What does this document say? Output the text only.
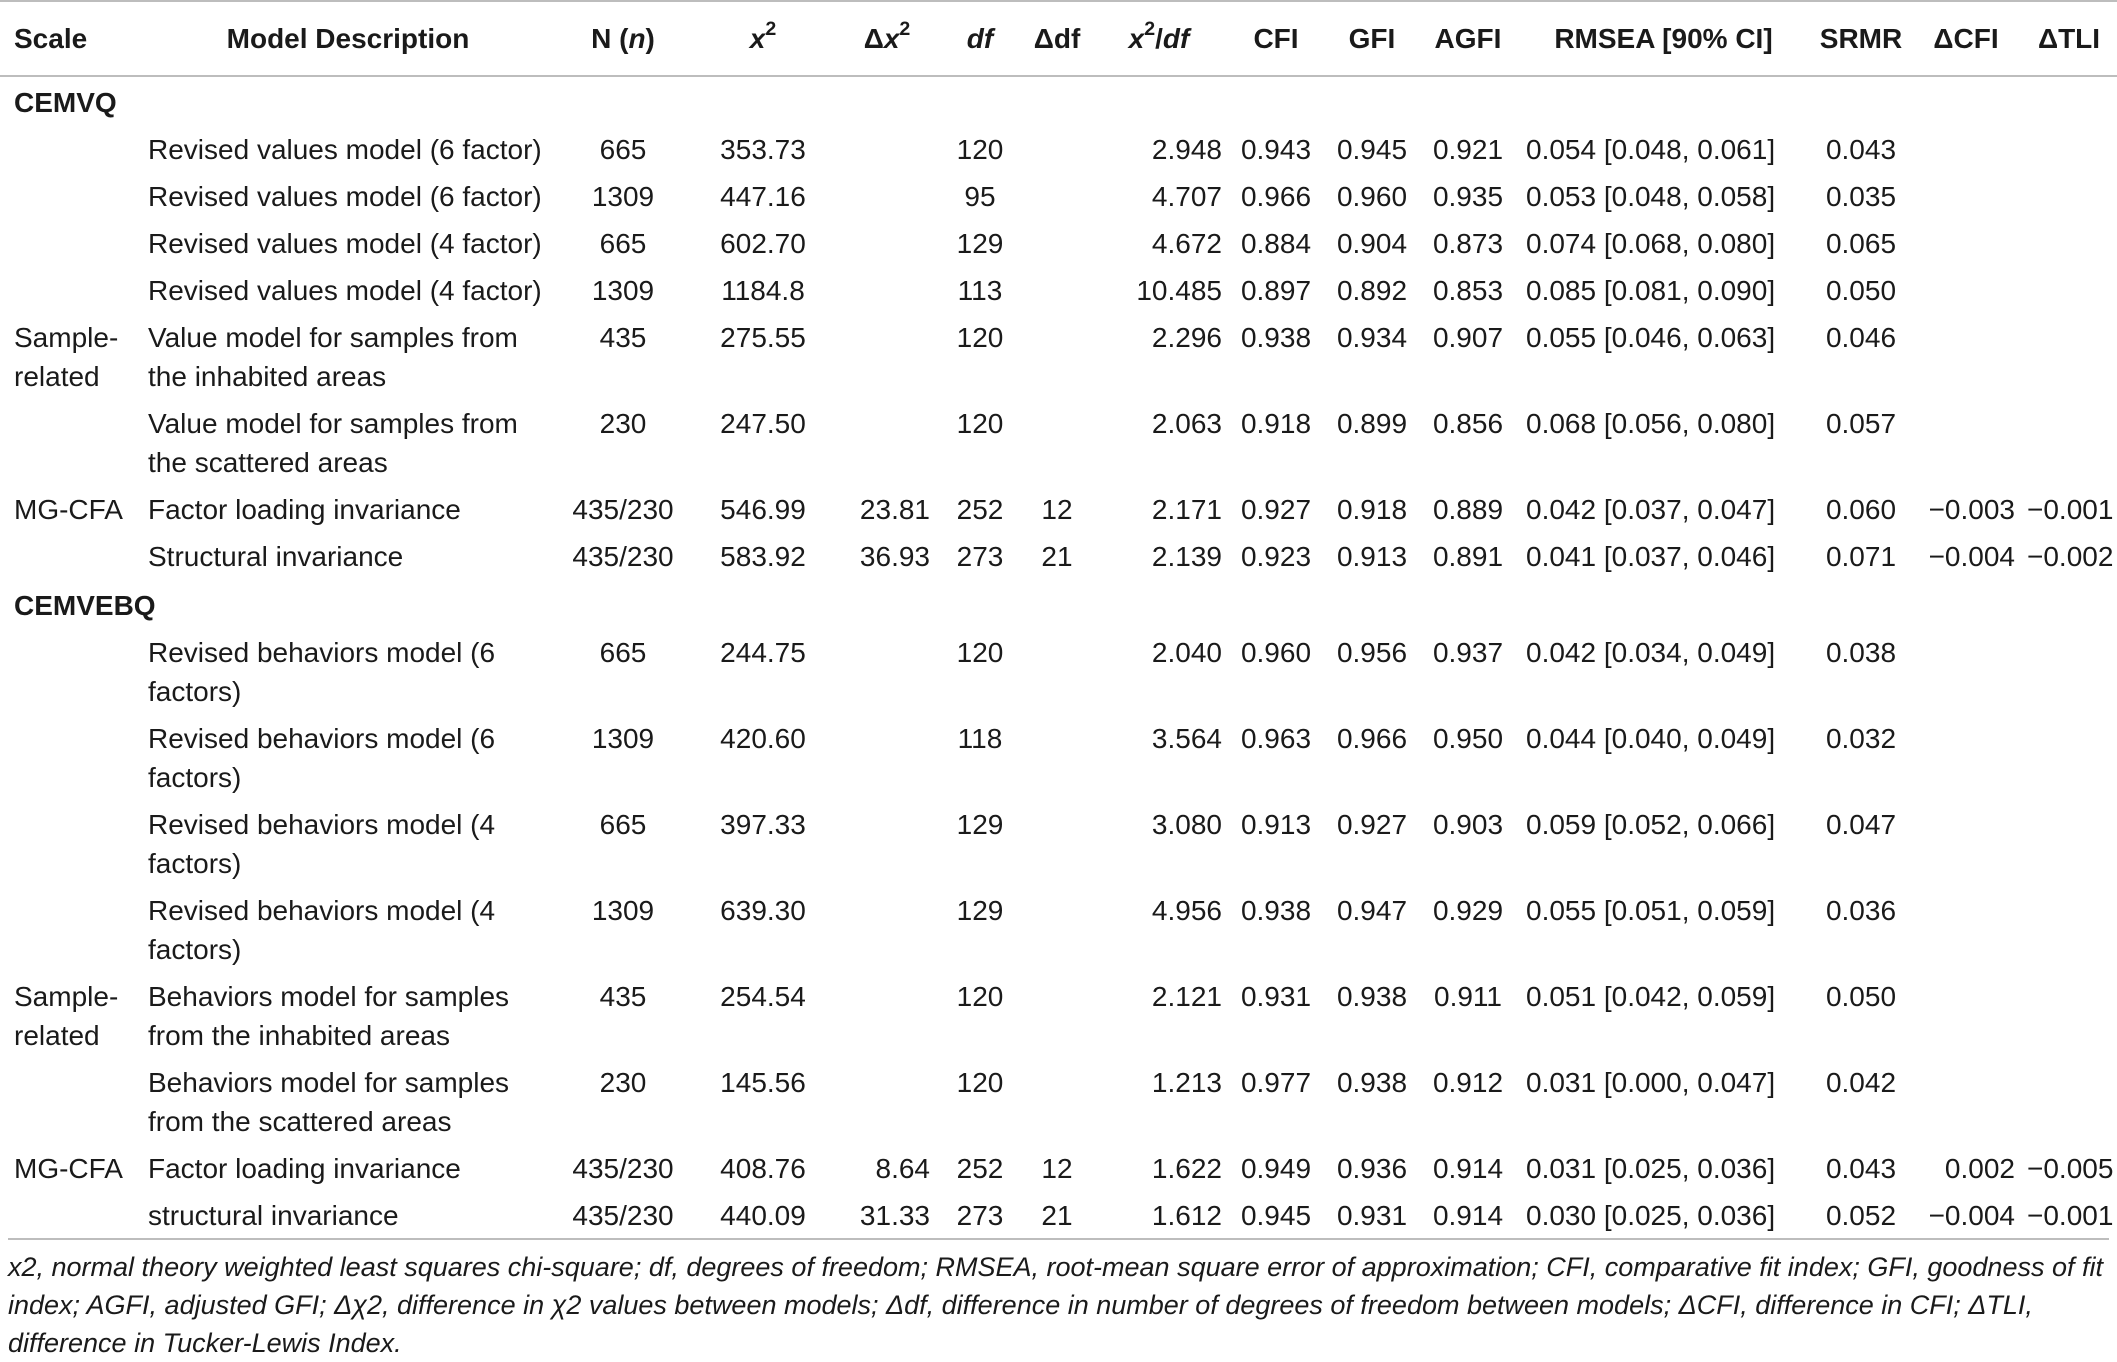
Scale	Model Description	N (n)	$x^2$	$\Delta x^2$	df	Δdf	$x^2/df$	CFI	GFI	AGFI	RMSEA [90% CI]	SRMR	ΔCFI	ΔTLI
CEMVQ														
	Revised values model (6 factor)	665	353.73		120		2.948	0.943	0.945	0.921	0.054 [0.048, 0.061]	0.043		
	Revised values model (6 factor)	1309	447.16		95		4.707	0.966	0.960	0.935	0.053 [0.048, 0.058]	0.035		
	Revised values model (4 factor)	665	602.70		129		4.672	0.884	0.904	0.873	0.074 [0.068, 0.080]	0.065		
	Revised values model (4 factor)	1309	1184.8		113		10.485	0.897	0.892	0.853	0.085 [0.081, 0.090]	0.050		
Sample-related	Value model for samples from the inhabited areas	435	275.55		120		2.296	0.938	0.934	0.907	0.055 [0.046, 0.063]	0.046		
	Value model for samples from the scattered areas	230	247.50		120		2.063	0.918	0.899	0.856	0.068 [0.056, 0.080]	0.057		
MG-CFA	Factor loading invariance	435/230	546.99	23.81	252	12	2.171	0.927	0.918	0.889	0.042 [0.037, 0.047]	0.060	−0.003	−0.001
	Structural invariance	435/230	583.92	36.93	273	21	2.139	0.923	0.913	0.891	0.041 [0.037, 0.046]	0.071	−0.004	−0.002
CEMVEBQ														
	Revised behaviors model (6 factors)	665	244.75		120		2.040	0.960	0.956	0.937	0.042 [0.034, 0.049]	0.038		
	Revised behaviors model (6 factors)	1309	420.60		118		3.564	0.963	0.966	0.950	0.044 [0.040, 0.049]	0.032		
	Revised behaviors model (4 factors)	665	397.33		129		3.080	0.913	0.927	0.903	0.059 [0.052, 0.066]	0.047		
	Revised behaviors model (4 factors)	1309	639.30		129		4.956	0.938	0.947	0.929	0.055 [0.051, 0.059]	0.036		
Sample-related	Behaviors model for samples from the inhabited areas	435	254.54		120		2.121	0.931	0.938	0.911	0.051 [0.042, 0.059]	0.050		
	Behaviors model for samples from the scattered areas	230	145.56		120		1.213	0.977	0.938	0.912	0.031 [0.000, 0.047]	0.042		
MG-CFA	Factor loading invariance	435/230	408.76	8.64	252	12	1.622	0.949	0.936	0.914	0.031 [0.025, 0.036]	0.043	0.002	−0.005
	structural invariance	435/230	440.09	31.33	273	21	1.612	0.945	0.931	0.914	0.030 [0.025, 0.036]	0.052	−0.004	−0.001
x2, normal theory weighted least squares chi-square; df, degrees of freedom; RMSEA, root-mean square error of approximation; CFI, comparative fit index; GFI, goodness of fit index; AGFI, adjusted GFI; Δχ2, difference in χ2 values between models; Δdf, difference in number of degrees of freedom between models; ΔCFI, difference in CFI; ΔTLI, difference in Tucker-Lewis Index.
